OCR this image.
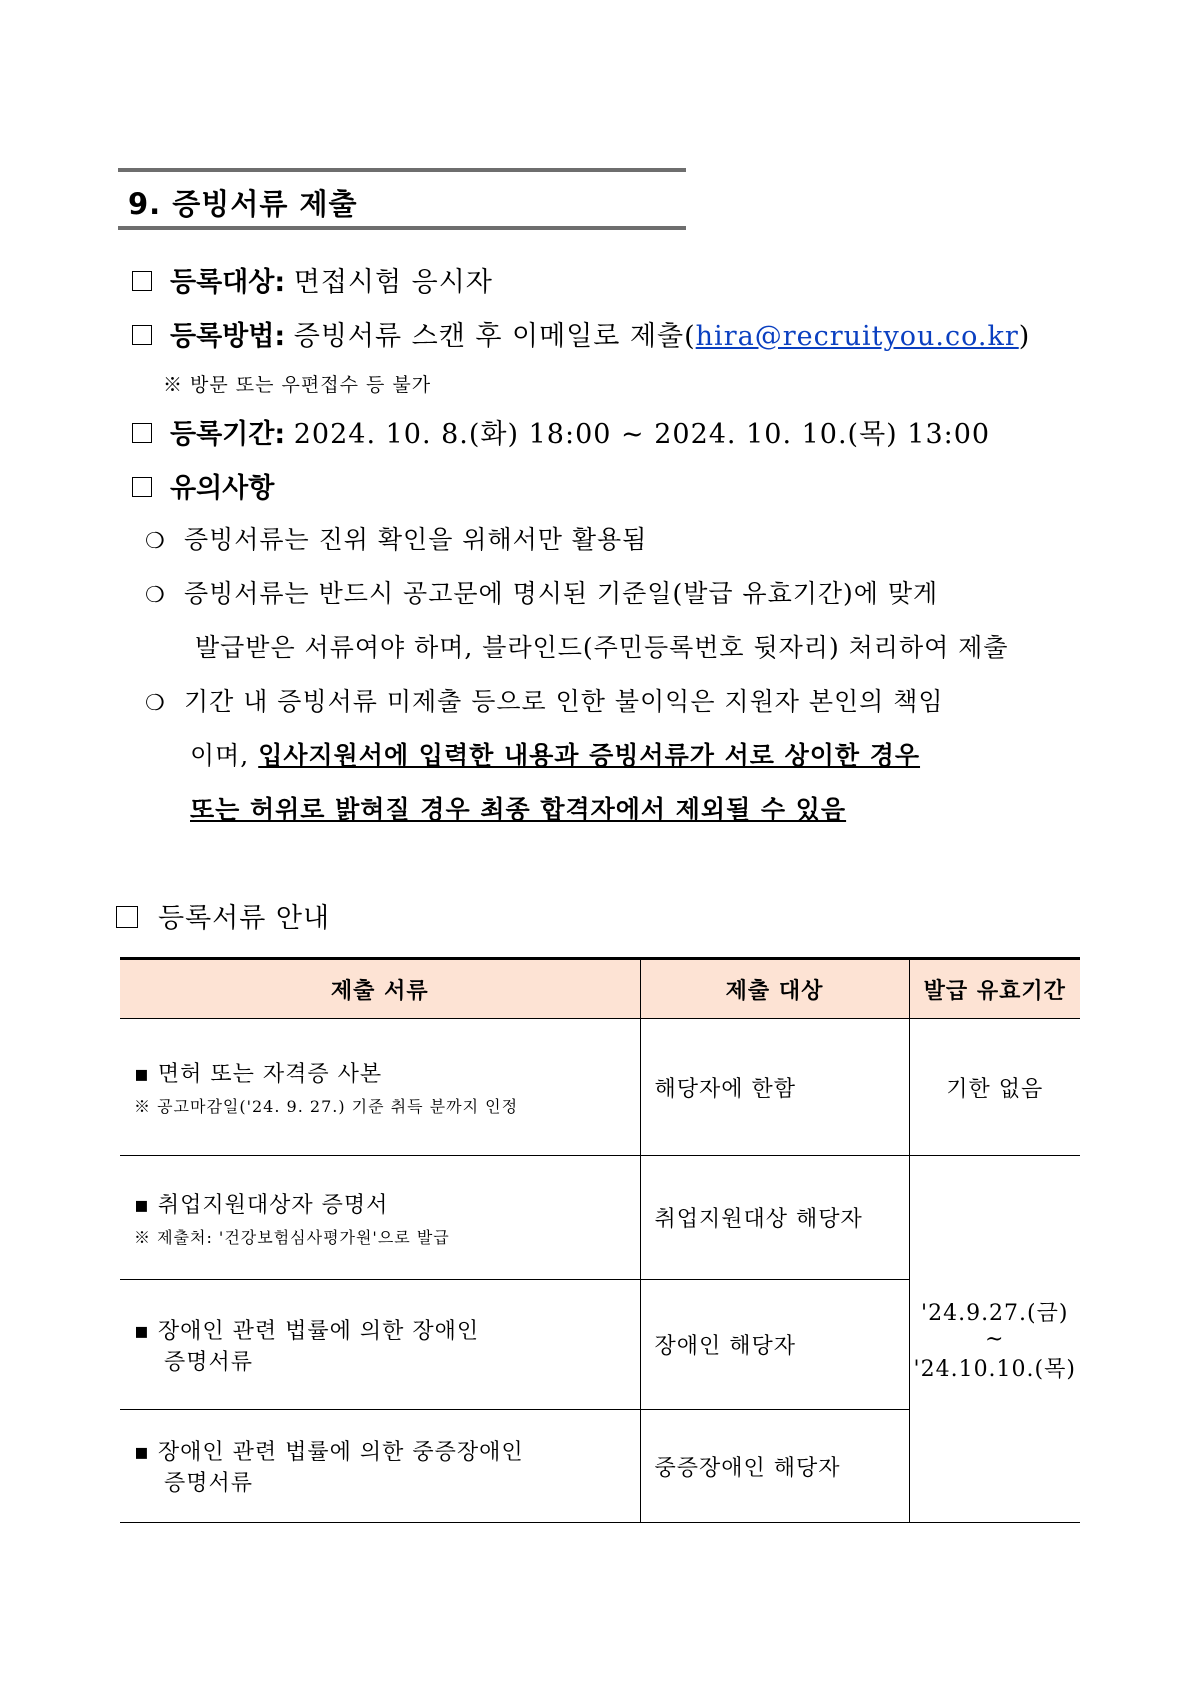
9. 증빙서류 제출
등록대상: 면접시험 응시자
등록방법: 증빙서류 스캔 후 이메일로 제출(hira@recruityou.co.kr)
※ 방문 또는 우편접수 등 불가
등록기간: 2024. 10. 8.(화) 18:00 ~ 2024. 10. 10.(목) 13:00
유의사항
❍ 증빙서류는 진위 확인을 위해서만 활용됨
❍ 증빙서류는 반드시 공고문에 명시된 기준일(발급 유효기간)에 맞게
발급받은 서류여야 하며, 블라인드(주민등록번호 뒷자리) 처리하여 제출
❍ 기간 내 증빙서류 미제출 등으로 인한 불이익은 지원자 본인의 책임
이며, 입사지원서에 입력한 내용과 증빙서류가 서로 상이한 경우
또는 허위로 밝혀질 경우 최종 합격자에서 제외될 수 있음
등록서류 안내
제출 서류	제출 대상	발급 유효기간

▪ 면허 또는 자격증 사본
※ 공고마감일('24. 9. 27.) 기준 취득 분까지 인정	해당자에 한함	기한 없음

▪ 취업지원대상자 증명서
※ 제출처: '건강보험심사평가원'으로 발급	취업지원대상 해당자	'24.9.27.(금) ~
'24.10.10.(목)

▪ 장애인 관련 법률에 의한 장애인
증명서류	장애인 해당자	

▪ 장애인 관련 법률에 의한 중증장애인
증명서류	중증장애인 해당자	
